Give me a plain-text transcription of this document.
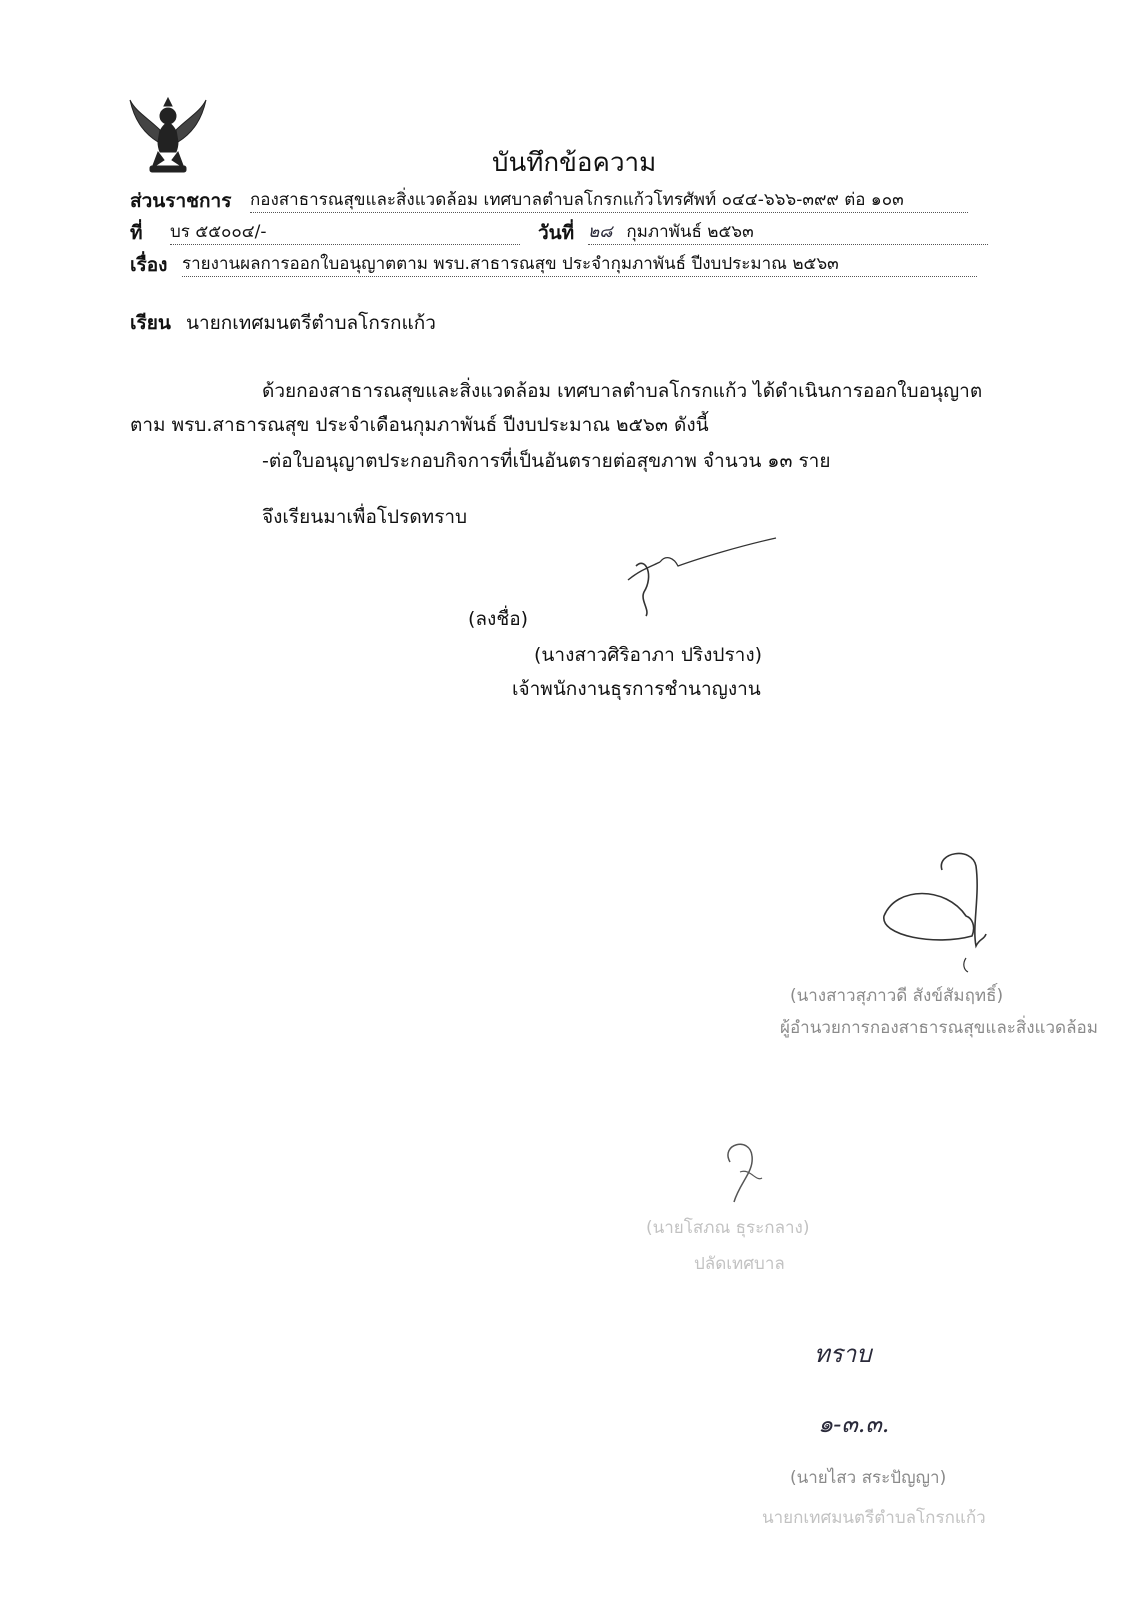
บันทึกข้อความ
ส่วนราชการ กองสาธารณสุขและสิ่งแวดล้อม เทศบาลตำบลโกรกแก้วโทรศัพท์ ๐๔๔-๖๖๖-๓๙๙ ต่อ ๑๐๓
ที่ บร ๕๕๐๐๔/-	วันที่ ๒๘ กุมภาพันธ์ ๒๕๖๓
เรื่อง รายงานผลการออกใบอนุญาตตาม พรบ.สาธารณสุข ประจำกุมภาพันธ์ ปีงบประมาณ ๒๕๖๓
เรียน นายกเทศมนตรีตำบลโกรกแก้ว
ด้วยกองสาธารณสุขและสิ่งแวดล้อม เทศบาลตำบลโกรกแก้ว ได้ดำเนินการออกใบอนุญาต
ตาม พรบ.สาธารณสุข ประจำเดือนกุมภาพันธ์ ปีงบประมาณ ๒๕๖๓ ดังนี้
-ต่อใบอนุญาตประกอบกิจการที่เป็นอันตรายต่อสุขภาพ จำนวน ๑๓ ราย
จึงเรียนมาเพื่อโปรดทราบ
(ลงชื่อ)
(นางสาวศิริอาภา ปริงปราง)
เจ้าพนักงานธุรการชำนาญงาน
(นางสาวสุภาวดี สังข์สัมฤทธิ์)
ผู้อำนวยการกองสาธารณสุขและสิ่งแวดล้อม
(นายโสภณ ธุระกลาง)
ปลัดเทศบาล
ทราบ
๑-๓.๓.
(นายไสว สระปัญญา)
นายกเทศมนตรีตำบลโกรกแก้ว
